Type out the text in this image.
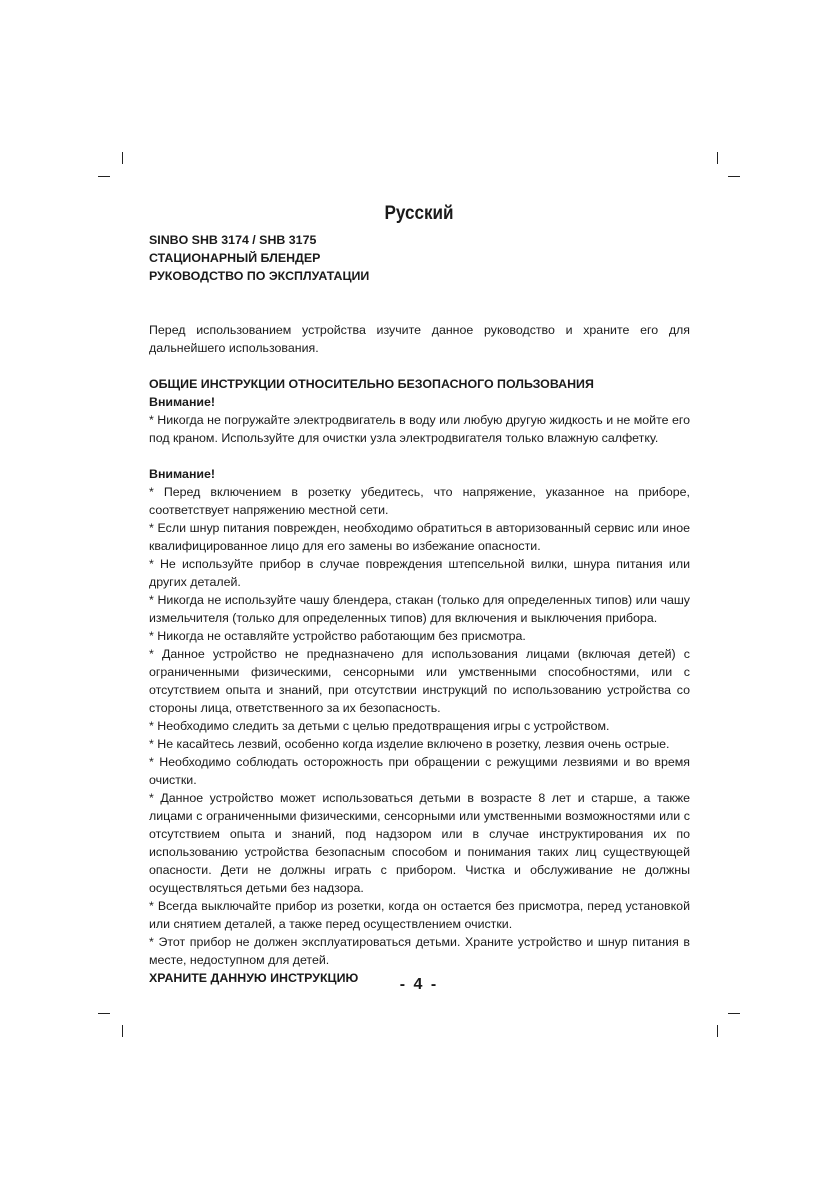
Русский

SINBO SHB 3174 / SHB 3175

СТАЦИОНАРНЫЙ БЛЕНДЕР

РУКОВОДСТВО ПО ЭКСПЛУАТАЦИИ

Перед использованием устройства изучите данное руководство и храните его для дальнейшего использования.

ОБЩИЕ ИНСТРУКЦИИ ОТНОСИТЕЛЬНО БЕЗОПАСНОГО ПОЛЬЗОВАНИЯ

Внимание!

* Никогда не погружайте электродвигатель в воду или любую другую жидкость и не мойте его под краном. Используйте для очистки узла электродвигателя только влажную салфетку.

Внимание!

* Перед включением в розетку убедитесь, что напряжение, указанное на приборе, соответствует напряжению местной сети.

* Если шнур питания поврежден, необходимо обратиться в авторизованный сервис или иное квалифицированное лицо для его замены во избежание опасности.

* Не используйте прибор в случае повреждения штепсельной вилки, шнура питания или других деталей.

* Никогда не используйте чашу блендера, стакан (только для определенных типов) или чашу измельчителя (только для определенных типов) для включения и выключения прибора.

* Никогда не оставляйте устройство работающим без присмотра.

* Данное устройство не предназначено для использования лицами (включая детей) с ограниченными физическими, сенсорными или умственными способностями, или с отсутствием опыта и знаний, при отсутствии инструкций по использованию устройства со стороны лица, ответственного за их безопасность.

* Необходимо следить за детьми с целью предотвращения игры с устройством.

* Не касайтесь лезвий, особенно когда изделие включено в розетку, лезвия очень острые.

* Необходимо соблюдать осторожность при обращении с режущими лезвиями и во время очистки.

* Данное устройство может использоваться детьми в возрасте 8 лет и старше, а также лицами с ограниченными физическими, сенсорными или умственными возможностями или с отсутствием опыта и знаний, под надзором или в случае инструктирования их по использованию устройства безопасным способом и понимания таких лиц существующей опасности. Дети не должны играть с прибором. Чистка и обслуживание не должны осуществляться детьми без надзора.

* Всегда выключайте прибор из розетки, когда он остается без присмотра, перед установкой или снятием деталей, а также перед осуществлением очистки.

* Этот прибор не должен эксплуатироваться детьми. Храните устройство и шнур питания в месте, недоступном для детей.

ХРАНИТЕ ДАННУЮ ИНСТРУКЦИЮ	- 4 -
